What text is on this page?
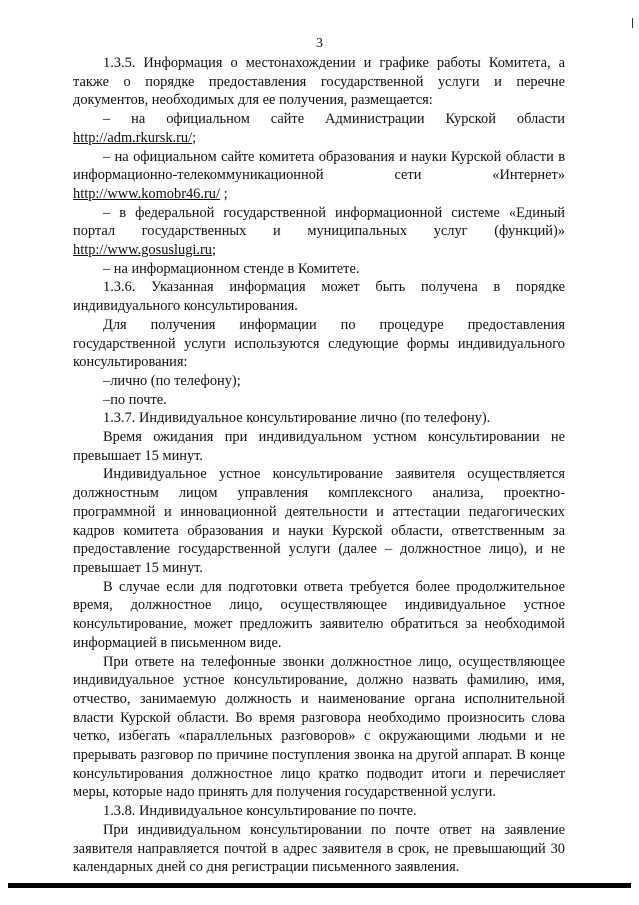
3

1.3.5. Информация о местонахождении и графике работы Комитета, а также о порядке предоставления государственной услуги и перечне документов, необходимых для ее получения, размещается:

– на официальном сайте Администрации Курской области http://adm.rkursk.ru/;

– на официальном сайте комитета образования и науки Курской области в информационно-телекоммуникационной сети «Интернет» http://www.komobr46.ru/ ;

– в федеральной государственной информационной системе «Единый портал государственных и муниципальных услуг (функций)» http://www.gosuslugi.ru;

– на информационном стенде в Комитете.

1.3.6. Указанная информация может быть получена в порядке индивидуального консультирования.

Для получения информации по процедуре предоставления государственной услуги используются следующие формы индивидуального консультирования:

–лично (по телефону);

–по почте.

1.3.7. Индивидуальное консультирование лично (по телефону).

Время ожидания при индивидуальном устном консультировании не превышает 15 минут.

Индивидуальное устное консультирование заявителя осуществляется должностным лицом управления комплексного анализа, проектно-программной и инновационной деятельности и аттестации педагогических кадров комитета образования и науки Курской области, ответственным за предоставление государственной услуги (далее – должностное лицо), и не превышает 15 минут.

В случае если для подготовки ответа требуется более продолжительное время, должностное лицо, осуществляющее индивидуальное устное консультирование, может предложить заявителю обратиться за необходимой информацией в письменном виде.

При ответе на телефонные звонки должностное лицо, осуществляющее индивидуальное устное консультирование, должно назвать фамилию, имя, отчество, занимаемую должность и наименование органа исполнительной власти Курской области. Во время разговора необходимо произносить слова четко, избегать «параллельных разговоров» с окружающими людьми и не прерывать разговор по причине поступления звонка на другой аппарат. В конце консультирования должностное лицо кратко подводит итоги и перечисляет меры, которые надо принять для получения государственной услуги.

1.3.8. Индивидуальное консультирование по почте.

При индивидуальном консультировании по почте ответ на заявление заявителя направляется почтой в адрес заявителя в срок, не превышающий 30 календарных дней со дня регистрации письменного заявления.
